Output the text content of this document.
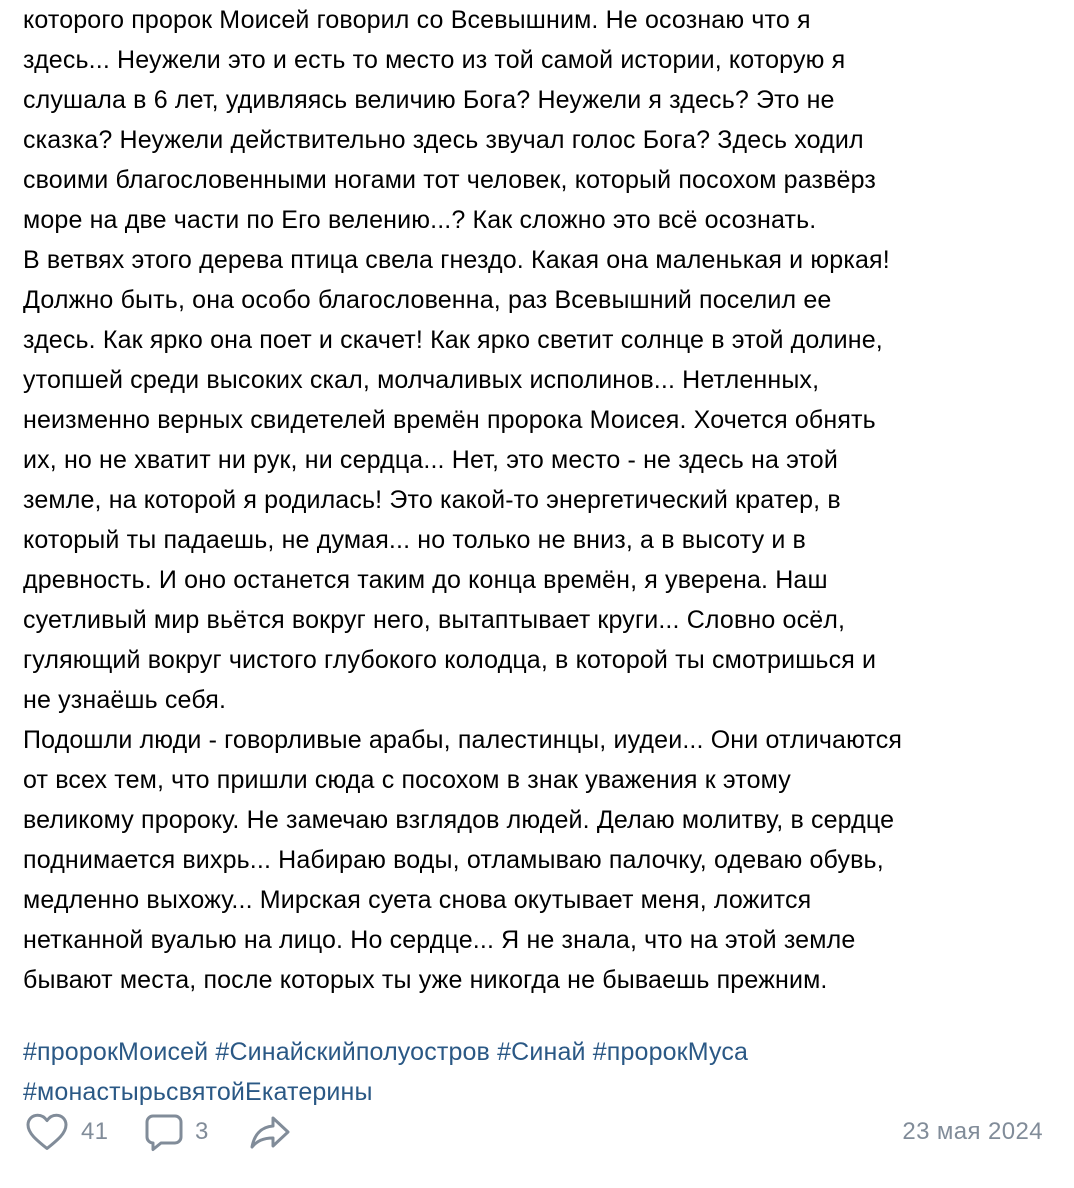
которого пророк Моисей говорил со Всевышним. Не осознаю что я
здесь... Неужели это и есть то место из той самой истории, которую я
слушала в 6 лет, удивляясь величию Бога? Неужели я здесь? Это не
сказка? Неужели действительно здесь звучал голос Бога? Здесь ходил
своими благословенными ногами тот человек, который посохом развёрз
море на две части по Его велению...? Как сложно это всё осознать.
В ветвях этого дерева птица свела гнездо. Какая она маленькая и юркая!
Должно быть, она особо благословенна, раз Всевышний поселил ее
здесь. Как ярко она поет и скачет! Как ярко светит солнце в этой долине,
утопшей среди высоких скал, молчаливых исполинов... Нетленных,
неизменно верных свидетелей времён пророка Моисея. Хочется обнять
их, но не хватит ни рук, ни сердца... Нет, это место - не здесь на этой
земле, на которой я родилась! Это какой-то энергетический кратер, в
который ты падаешь, не думая... но только не вниз, а в высоту и в
древность. И оно останется таким до конца времён, я уверена. Наш
суетливый мир вьётся вокруг него, вытаптывает круги... Словно осёл,
гуляющий вокруг чистого глубокого колодца, в которой ты смотришься и
не узнаёшь себя.
Подошли люди - говорливые арабы, палестинцы, иудеи... Они отличаются
от всех тем, что пришли сюда с посохом в знак уважения к этому
великому пророку. Не замечаю взглядов людей. Делаю молитву, в сердце
поднимается вихрь... Набираю воды, отламываю палочку, одеваю обувь,
медленно выхожу... Мирская суета снова окутывает меня, ложится
нетканной вуалью на лицо. Но сердце... Я не знала, что на этой земле
бывают места, после которых ты уже никогда не бываешь прежним.
#пророкМоисей #Синайскийполуостров #Синай #пророкМуса
#монастырьсвятойЕкатерины
41	3	23 мая 2024
